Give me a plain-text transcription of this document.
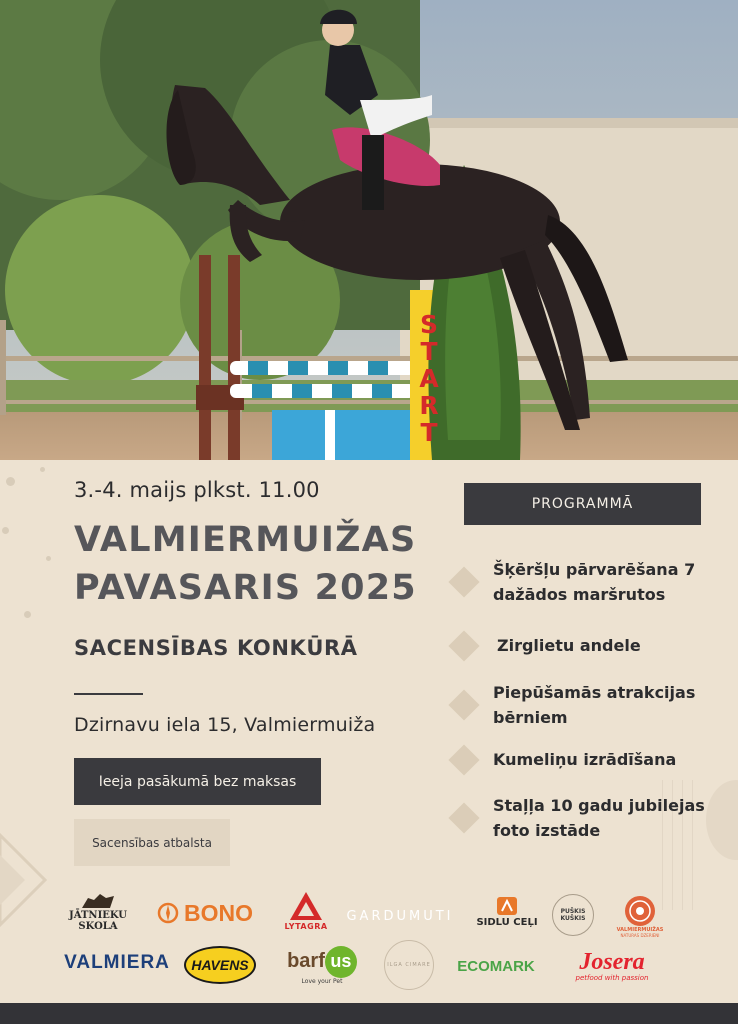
START
3.-4. maijs plkst. 11.00
VALMIERMUIŽAS
PAVASARIS 2025
SACENSĪBAS KONKŪRĀ
Dzirnavu iela 15, Valmiermuiža
Ieeja pasākumā bez maksas
Sacensības atbalsta
PROGRAMMĀ
Šķēršļu pārvarēšana 7
dažādos maršrutos
Zirglietu andele
Piepūšamās atrakcijas
bērniem
Kumeliņu izrādīšana
Staļļa 10 gadu jubilejas
foto izstāde
JĀTNIEKU
SKOLA
BONO
LYTAGRA
GARDUMUTI SIDLU CEĻI
PUŠKIS
KUŠKIS
VALMIERMUIŽAS
NATURAS DZERIENI
VALMIERA HAVENS barf us
Love your Pet
ILGA CIMARE ECOMARK Josera
petfood with passion
